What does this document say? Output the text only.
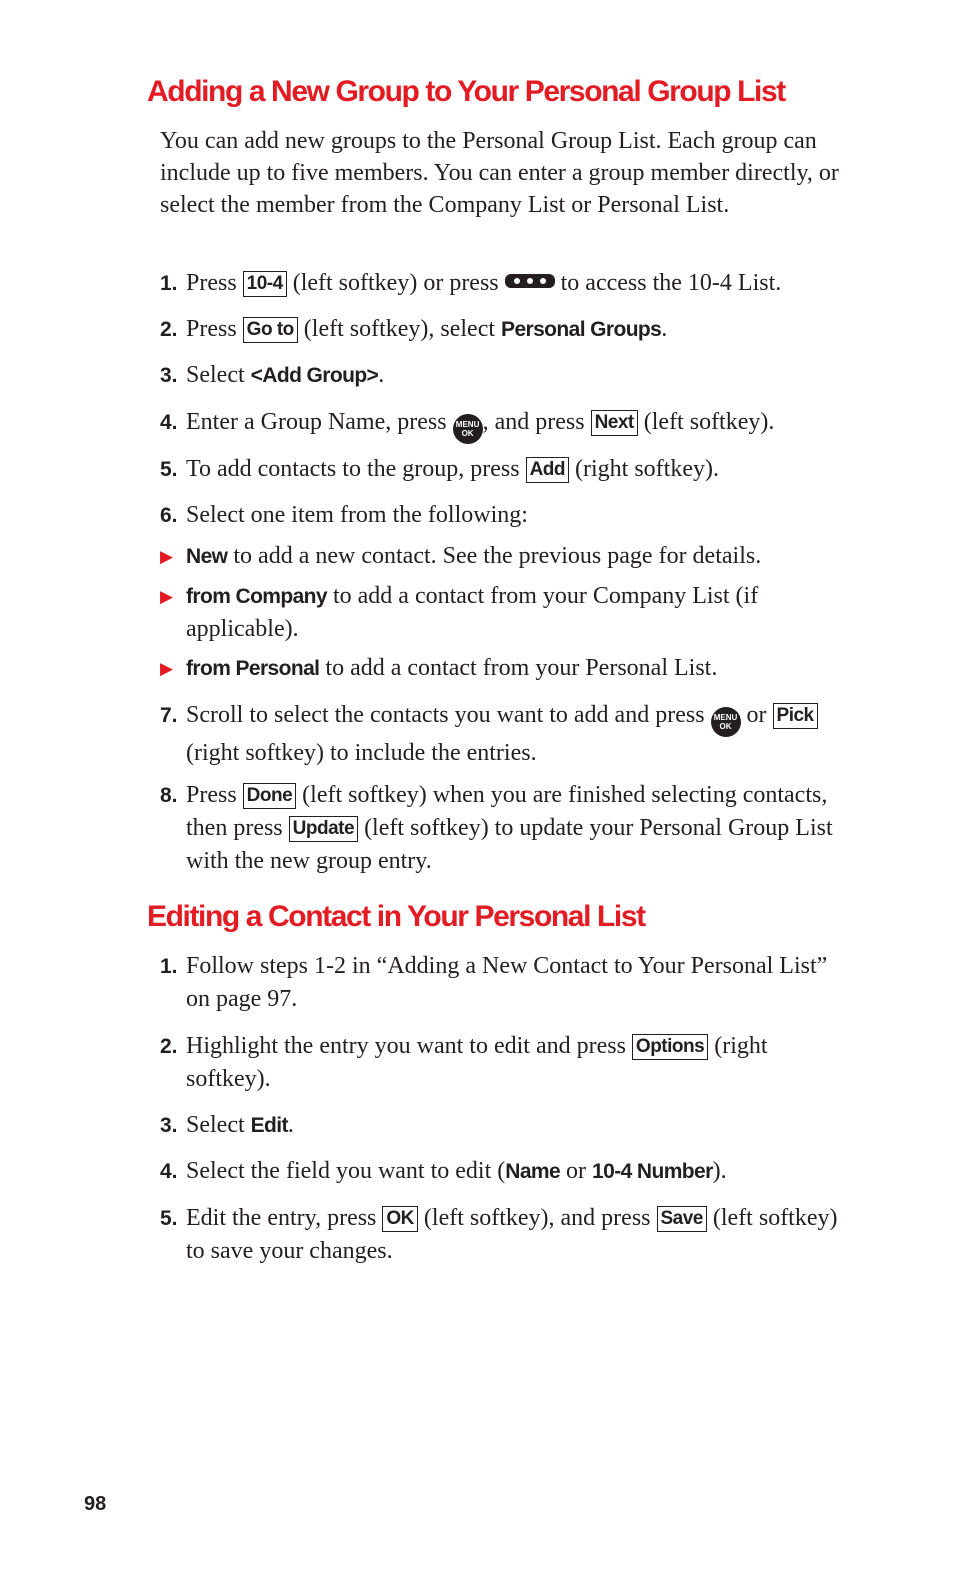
Adding a New Group to Your Personal Group List

You can add new groups to the Personal Group List. Each group can include up to five members. You can enter a group member directly, or select the member from the Company List or Personal List.

1. Press 10-4 (left softkey) or press
to access the 10-4 List.
2. Press Go to (left softkey), select Personal Groups.
3. Select <Add Group>.
4. Enter a Group Name, press MENU
OK , and press Next (left softkey).
5. To add contacts to the group, press Add (right softkey).
6. Select one item from the following:
▶ New to add a new contact. See the previous page for details.
▶ from Company to add a contact from your Company List (if applicable).
▶ from Personal to add a contact from your Personal List.
7. Scroll to select the contacts you want to add and press MENU
OK or Pick (right softkey) to include the entries.
8. Press Done (left softkey) when you are finished selecting contacts, then press Update (left softkey) to update your Personal Group List with the new group entry.
Editing a Contact in Your Personal List
1. Follow steps 1-2 in “Adding a New Contact to Your Personal List” on page 97.
2. Highlight the entry you want to edit and press Options (right softkey).
3. Select Edit.
4. Select the field you want to edit (Name or 10-4 Number).
5. Edit the entry, press OK (left softkey), and press Save (left softkey) to save your changes.
98
